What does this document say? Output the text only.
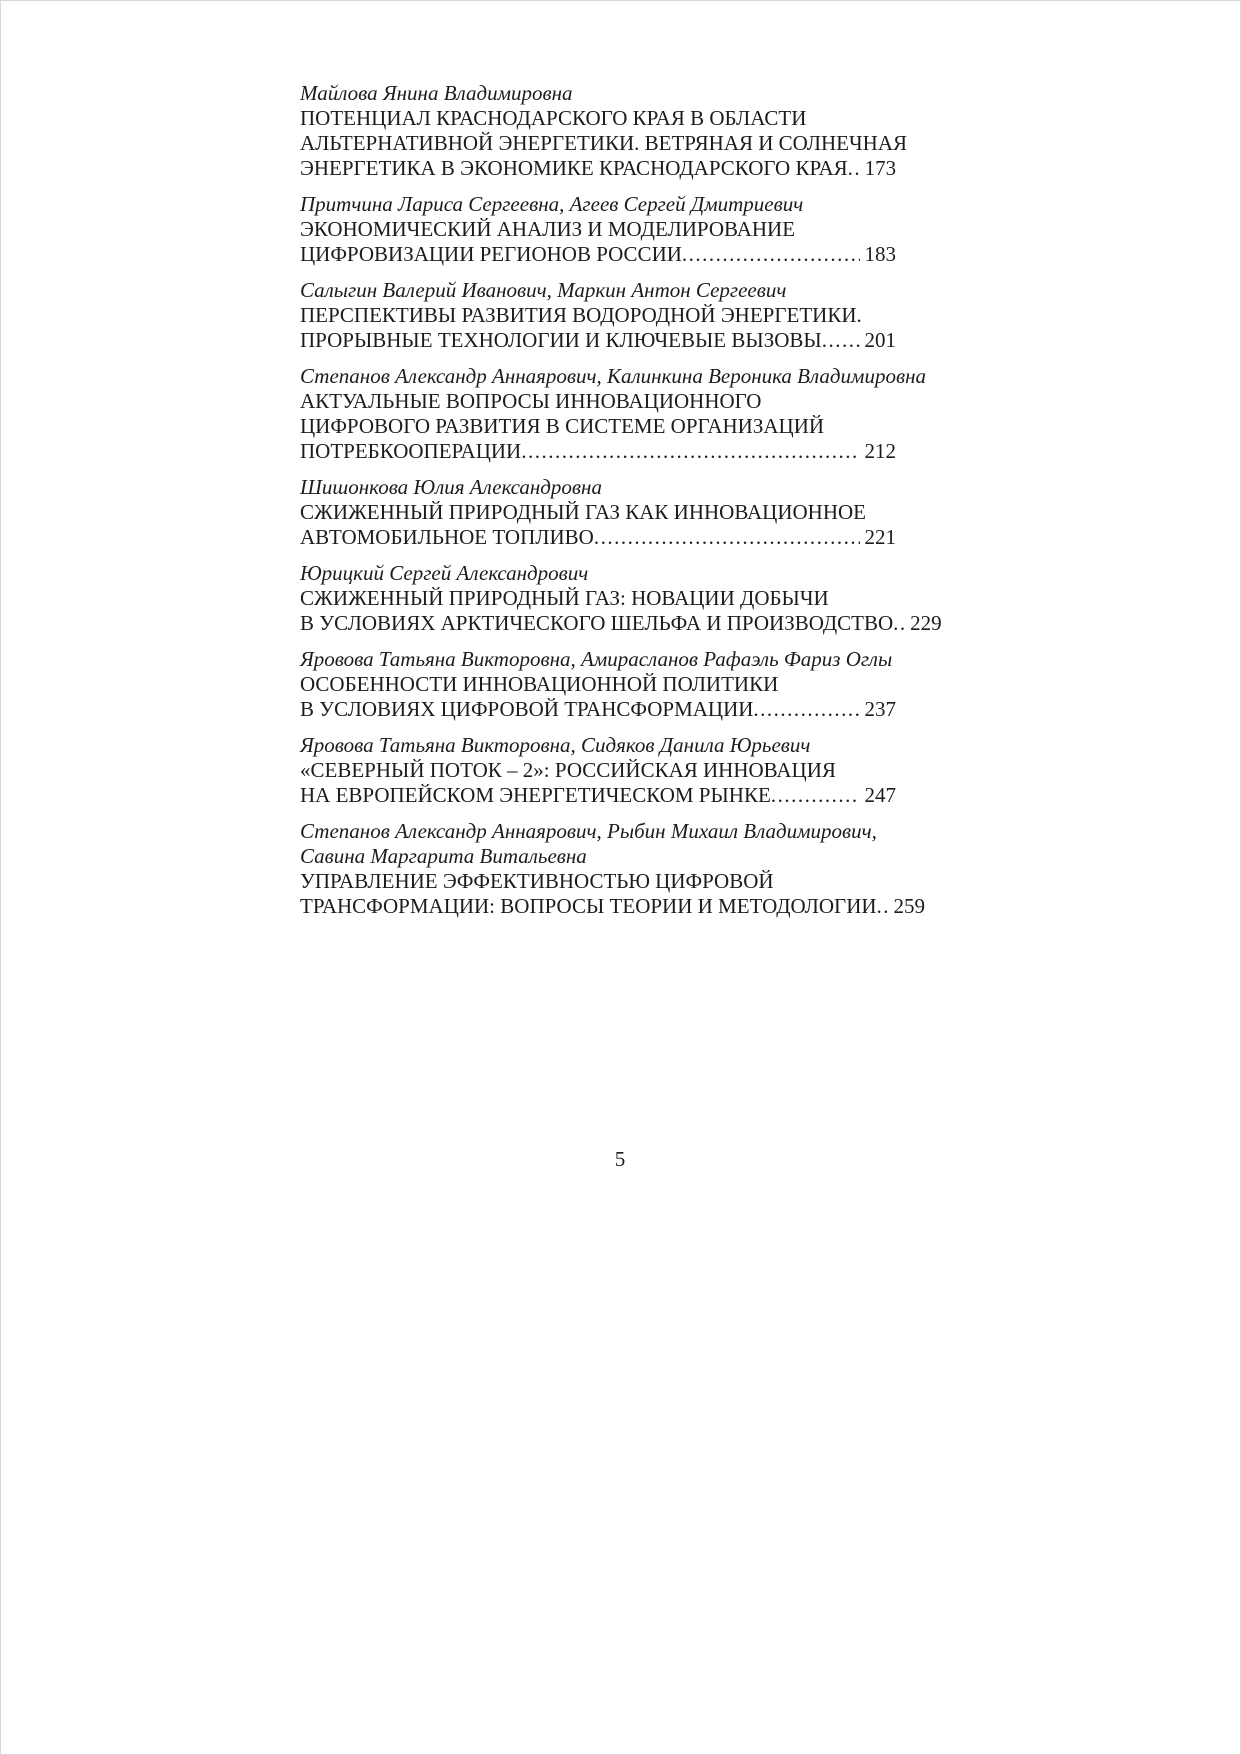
Майлова Янина Владимировна
ПОТЕНЦИАЛ КРАСНОДАРСКОГО КРАЯ В ОБЛАСТИ
АЛЬТЕРНАТИВНОЙ ЭНЕРГЕТИКИ. ВЕТРЯНАЯ И СОЛНЕЧНАЯ
ЭНЕРГЕТИКА В ЭКОНОМИКЕ КРАСНОДАРСКОГО КРАЯ ..... 173
Притчина Лариса Сергеевна, Агеев Сергей Дмитриевич
ЭКОНОМИЧЕСКИЙ АНАЛИЗ И МОДЕЛИРОВАНИЕ
ЦИФРОВИЗАЦИИ РЕГИОНОВ РОССИИ .....	183
Салыгин Валерий Иванович, Маркин Антон Сергеевич
ПЕРСПЕКТИВЫ РАЗВИТИЯ ВОДОРОДНОЙ ЭНЕРГЕТИКИ.
ПРОРЫВНЫЕ ТЕХНОЛОГИИ И КЛЮЧЕВЫЕ ВЫЗОВЫ ..... 201
Степанов Александр Аннаярович, Калинкина Вероника Владимировна
АКТУАЛЬНЫЕ ВОПРОСЫ ИННОВАЦИОННОГО
ЦИФРОВОГО РАЗВИТИЯ В СИСТЕМЕ ОРГАНИЗАЦИЙ
ПОТРЕБКООПЕРАЦИИ .....	212
Шишонкова Юлия Александровна
СЖИЖЕННЫЙ ПРИРОДНЫЙ ГАЗ КАК ИННОВАЦИОННОЕ
АВТОМОБИЛЬНОЕ ТОПЛИВО .....	221
Юрицкий Сергей Александрович
СЖИЖЕННЫЙ ПРИРОДНЫЙ ГАЗ: НОВАЦИИ ДОБЫЧИ
В УСЛОВИЯХ АРКТИЧЕСКОГО ШЕЛЬФА И ПРОИЗВОДСТВО ..... 229
Яровова Татьяна Викторовна, Амирасланов Рафаэль Фариз Оглы
ОСОБЕННОСТИ ИННОВАЦИОННОЙ ПОЛИТИКИ
В УСЛОВИЯХ ЦИФРОВОЙ ТРАНСФОРМАЦИИ .....	237
Яровова Татьяна Викторовна, Сидяков Данила Юрьевич
«СЕВЕРНЫЙ ПОТОК – 2»: РОССИЙСКАЯ ИННОВАЦИЯ
НА ЕВРОПЕЙСКОМ ЭНЕРГЕТИЧЕСКОМ РЫНКЕ .....	247
Степанов Александр Аннаярович, Рыбин Михаил Владимирович,
Савина Маргарита Витальевна
УПРАВЛЕНИЕ ЭФФЕКТИВНОСТЬЮ ЦИФРОВОЙ
ТРАНСФОРМАЦИИ: ВОПРОСЫ ТЕОРИИ И МЕТОДОЛОГИИ ..... 259
5
